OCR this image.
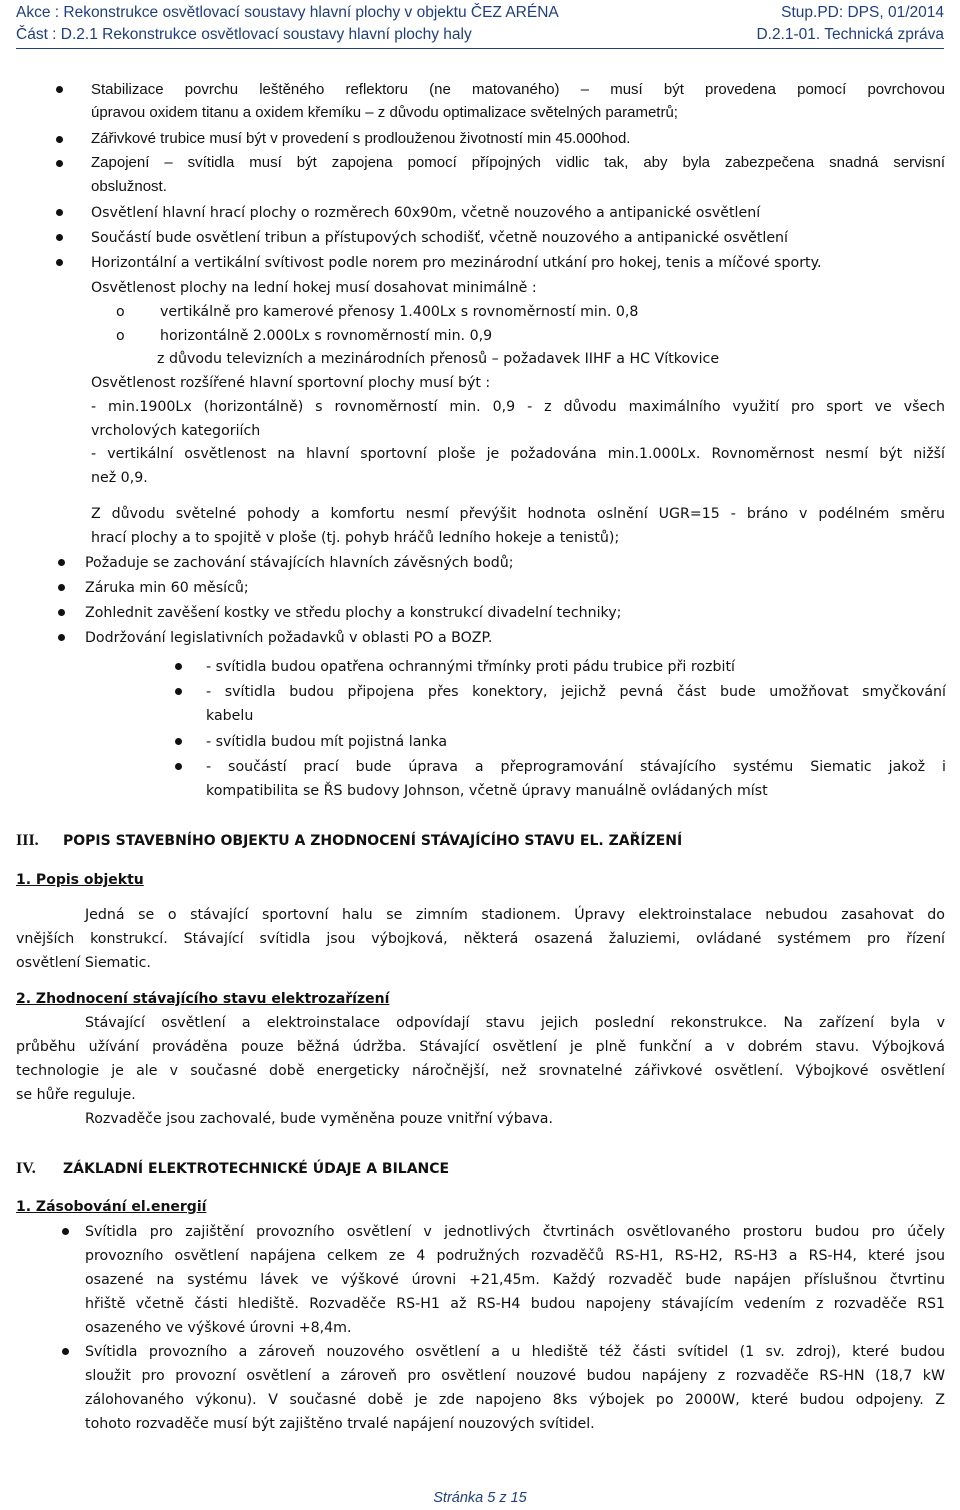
Akce : Rekonstrukce osvětlovací soustavy hlavní plochy v objektu ČEZ ARÉNA	Stup.PD: DPS, 01/2014
Část : D.2.1 Rekonstrukce osvětlovací soustavy hlavní plochy haly	D.2.1-01. Technická zpráva
Stabilizace povrchu leštěného reflektoru (ne matovaného) – musí být provedena pomocí povrchovou
úpravou oxidem titanu a oxidem křemíku – z důvodu optimalizace světelných parametrů;
Zářivkové trubice musí být v provedení s prodlouženou životností min 45.000hod.
Zapojení – svítidla musí být zapojena pomocí přípojných vidlic tak, aby byla zabezpečena snadná servisní
obslužnost.
Osvětlení hlavní hrací plochy o rozměrech 60x90m, včetně nouzového a antipanické osvětlení
Součástí bude osvětlení tribun a přístupových schodišť, včetně nouzového a antipanické osvětlení
Horizontální a vertikální svítivost podle norem pro mezinárodní utkání pro hokej, tenis a míčové sporty.
Osvětlenost plochy na lední hokej musí dosahovat minimálně :
o vertikálně pro kamerové přenosy 1.400Lx s rovnoměrností min. 0,8
o horizontálně 2.000Lx s rovnoměrností min. 0,9
z důvodu televizních a mezinárodních přenosů – požadavek IIHF a HC Vítkovice
Osvětlenost rozšířené hlavní sportovní plochy musí být :
- min.1900Lx (horizontálně) s rovnoměrností min. 0,9 - z důvodu maximálního využití pro sport ve všech
vrcholových kategoriích
- vertikální osvětlenost na hlavní sportovní ploše je požadována min.1.000Lx. Rovnoměrnost nesmí být nižší
než 0,9.
Z důvodu světelné pohody a komfortu nesmí převýšit hodnota oslnění UGR=15 - bráno v podélném směru
hrací plochy a to spojitě v ploše (tj. pohyb hráčů ledního hokeje a tenistů);
Požaduje se zachování stávajících hlavních závěsných bodů;
Záruka min 60 měsíců;
Zohlednit zavěšení kostky ve středu plochy a konstrukcí divadelní techniky;
Dodržování legislativních požadavků v oblasti PO a BOZP.
- svítidla budou opatřena ochrannými třmínky proti pádu trubice při rozbití
- svítidla budou připojena přes konektory, jejichž pevná část bude umožňovat smyčkování
kabelu
- svítidla budou mít pojistná lanka
- součástí prací bude úprava a přeprogramování stávajícího systému Siematic jakož i
kompatibilita se ŘS budovy Johnson, včetně úpravy manuálně ovládaných míst
III. POPIS STAVEBNÍHO OBJEKTU A ZHODNOCENÍ STÁVAJÍCÍHO STAVU EL. ZAŘÍZENÍ
1. Popis objektu
Jedná se o stávající sportovní halu se zimním stadionem. Úpravy elektroinstalace nebudou zasahovat do
vnějších konstrukcí. Stávající svítidla jsou výbojková, některá osazená žaluziemi, ovládané systémem pro řízení
osvětlení Siematic.
2. Zhodnocení stávajícího stavu elektrozařízení
Stávající osvětlení a elektroinstalace odpovídají stavu jejich poslední rekonstrukce. Na zařízení byla v
průběhu užívání prováděna pouze běžná údržba. Stávající osvětlení je plně funkční a v dobrém stavu. Výbojková
technologie je ale v současné době energeticky náročnější, než srovnatelné zářivkové osvětlení. Výbojkové osvětlení
se hůře reguluje.
Rozvaděče jsou zachovalé, bude vyměněna pouze vnitřní výbava.
IV. ZÁKLADNÍ ELEKTROTECHNICKÉ ÚDAJE A BILANCE
1. Zásobování el.energií
Svítidla pro zajištění provozního osvětlení v jednotlivých čtvrtinách osvětlovaného prostoru budou pro účely
provozního osvětlení napájena celkem ze 4 podružných rozvaděčů RS-H1, RS-H2, RS-H3 a RS-H4, které jsou
osazené na systému lávek ve výškové úrovni +21,45m. Každý rozvaděč bude napájen příslušnou čtvrtinu
hřiště včetně části hlediště. Rozvaděče RS-H1 až RS-H4 budou napojeny stávajícím vedením z rozvaděče RS1
osazeného ve výškové úrovni +8,4m.
Svítidla provozního a zároveň nouzového osvětlení a u hlediště též části svítidel (1 sv. zdroj), které budou
sloužit pro provozní osvětlení a zároveň pro osvětlení nouzové budou napájeny z rozvaděče RS-HN (18,7 kW
zálohovaného výkonu). V současné době je zde napojeno 8ks výbojek po 2000W, které budou odpojeny. Z
tohoto rozvaděče musí být zajištěno trvalé napájení nouzových svítidel.
Stránka 5 z 15
